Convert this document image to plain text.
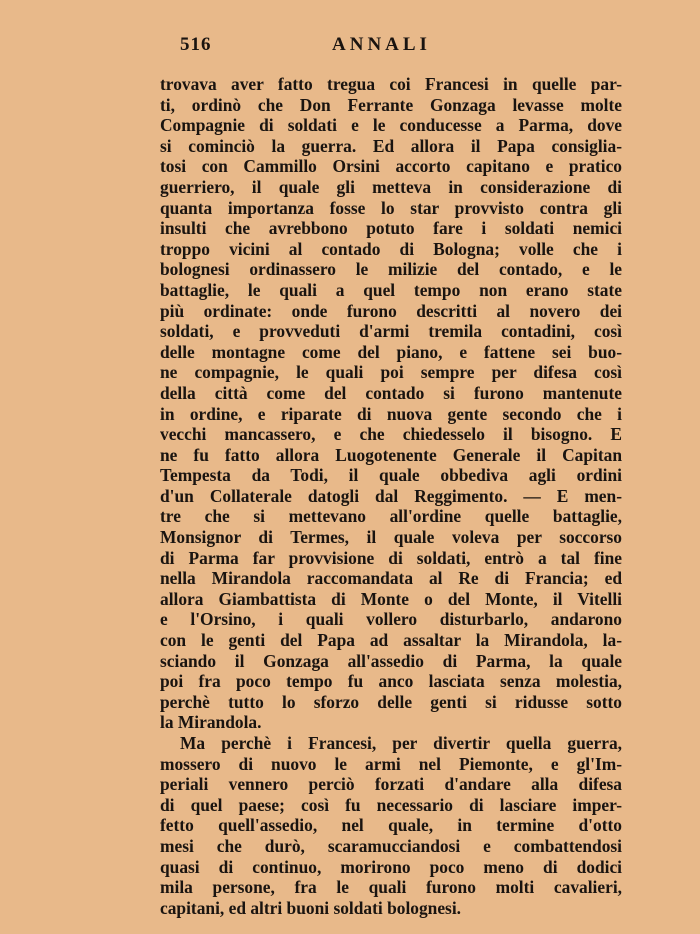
516	ANNALI
trovava aver fatto tregua coi Francesi in quelle par-
ti, ordinò che Don Ferrante Gonzaga levasse molte
Compagnie di soldati e le conducesse a Parma, dove
si cominciò la guerra. Ed allora il Papa consiglia-
tosi con Cammillo Orsini accorto capitano e pratico
guerriero, il quale gli metteva in considerazione di
quanta importanza fosse lo star provvisto contra gli
insulti che avrebbono potuto fare i soldati nemici
troppo vicini al contado di Bologna; volle che i
bolognesi ordinassero le milizie del contado, e le
battaglie, le quali a quel tempo non erano state
più ordinate: onde furono descritti al novero dei
soldati, e provveduti d'armi tremila contadini, così
delle montagne come del piano, e fattene sei buo-
ne compagnie, le quali poi sempre per difesa così
della città come del contado si furono mantenute
in ordine, e riparate di nuova gente secondo che i
vecchi mancassero, e che chiedesselo il bisogno. E
ne fu fatto allora Luogotenente Generale il Capitan
Tempesta da Todi, il quale obbediva agli ordini
d'un Collaterale datogli dal Reggimento. — E men-
tre che si mettevano all'ordine quelle battaglie,
Monsignor di Termes, il quale volevа per soccorso
di Parma far provvisione di soldati, entrò a tal fine
nella Mirandola raccomandata al Re di Francia; ed
allora Giambattista di Monte o del Monte, il Vitelli
e l'Orsino, i quali vollero disturbarlo, andarono
con le genti del Papa ad assaltar la Mirandola, la-
sciando il Gonzaga all'assedio di Parma, la quale
poi fra poco tempo fu anco lasciata senza molestia,
perchè tutto lo sforzo delle genti si ridusse sotto
la Mirandola.
Ma perchè i Francesi, per divertir quella guerra,
mossero di nuovo le armi nel Piemonte, e gl'Im-
periali vennero perciò forzati d'andare alla difesa
di quel paese; così fu necessario di lasciare imper-
fetto quell'assedio, nel quale, in termine d'otto
mesi che durò, scaramucciandosi e combattendosi
quasi di continuo, morirono poco meno di dodici
mila persone, fra le quali furono molti cavalieri,
capitani, ed altri buoni soldati bolognesi.
